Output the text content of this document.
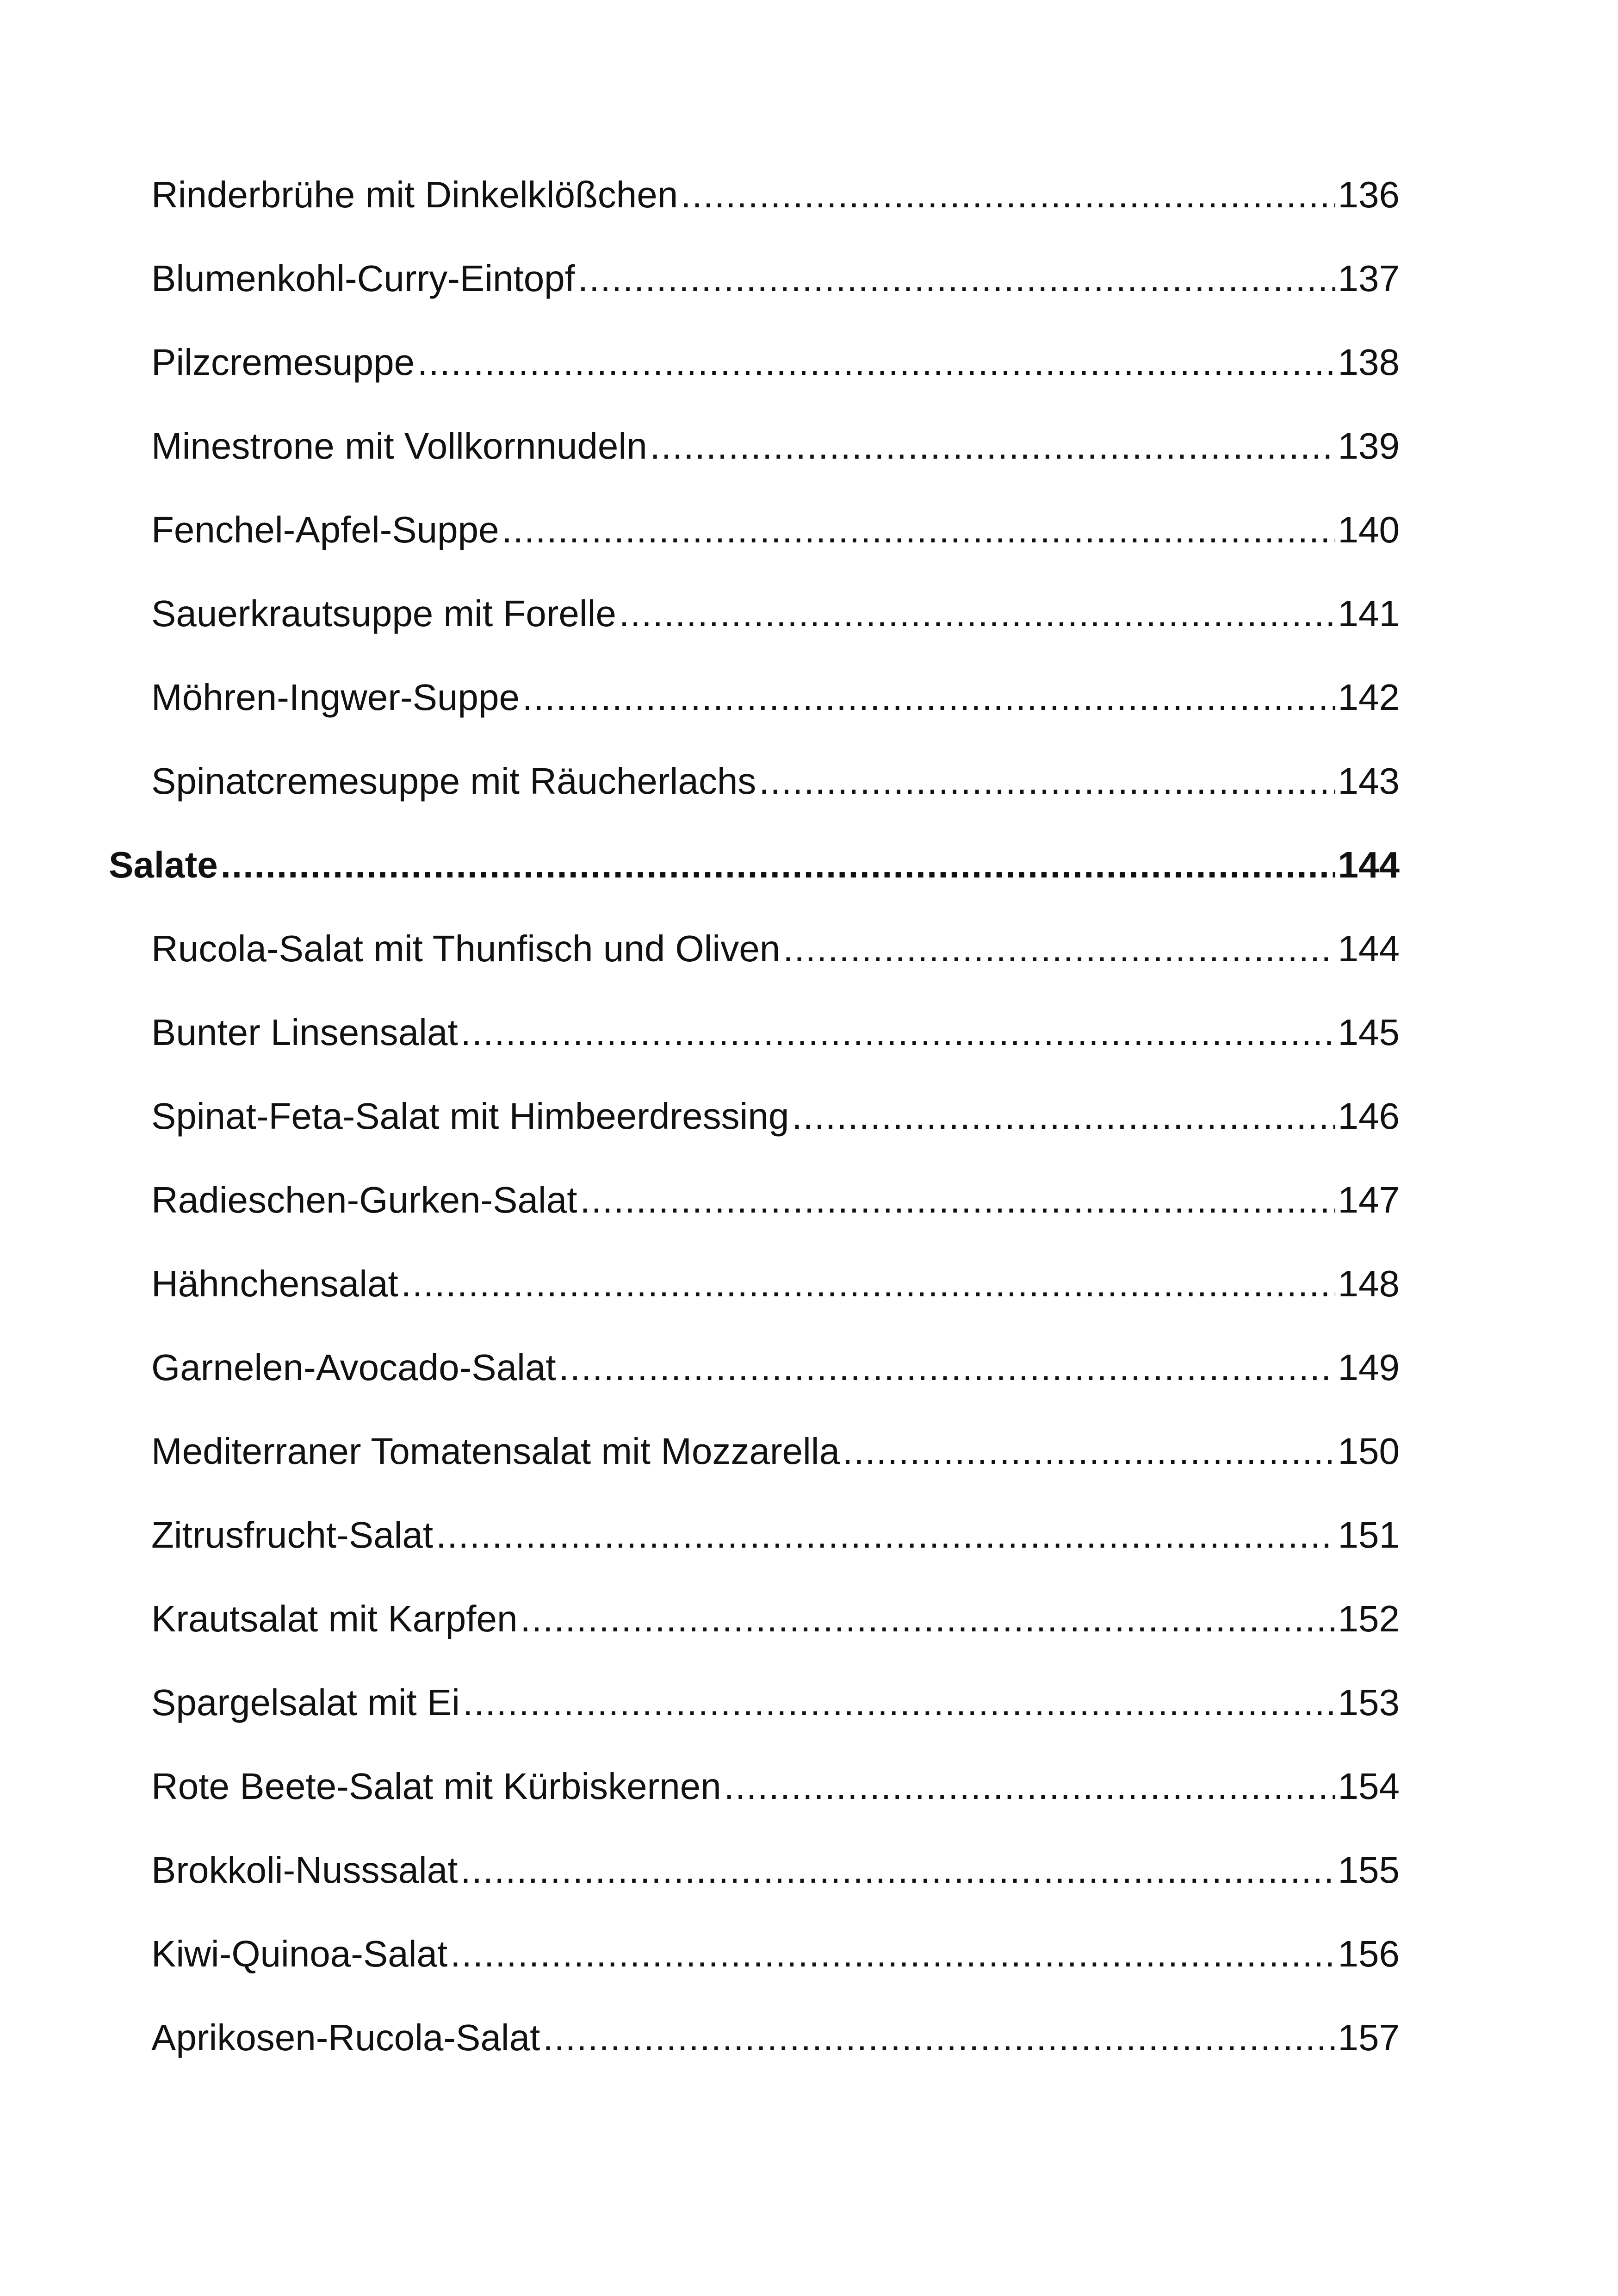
Rinderbrühe mit Dinkelklößchen .....	136
Blumenkohl-Curry-Eintopf .....	137
Pilzcremesuppe .....	138
Minestrone mit Vollkornnudeln .....	139
Fenchel-Apfel-Suppe .....	140
Sauerkrautsuppe mit Forelle .....	141
Möhren-Ingwer-Suppe .....	142
Spinatcremesuppe mit Räucherlachs .....	143
Salate .....	144
Rucola-Salat mit Thunfisch und Oliven .....	144
Bunter Linsensalat .....	145
Spinat-Feta-Salat mit Himbeerdressing .....	146
Radieschen-Gurken-Salat .....	147
Hähnchensalat .....	148
Garnelen-Avocado-Salat .....	149
Mediterraner Tomatensalat mit Mozzarella .....	150
Zitrusfrucht-Salat .....	151
Krautsalat mit Karpfen .....	152
Spargelsalat mit Ei .....	153
Rote Beete-Salat mit Kürbiskernen .....	154
Brokkoli-Nusssalat .....	155
Kiwi-Quinoa-Salat .....	156
Aprikosen-Rucola-Salat .....	157
